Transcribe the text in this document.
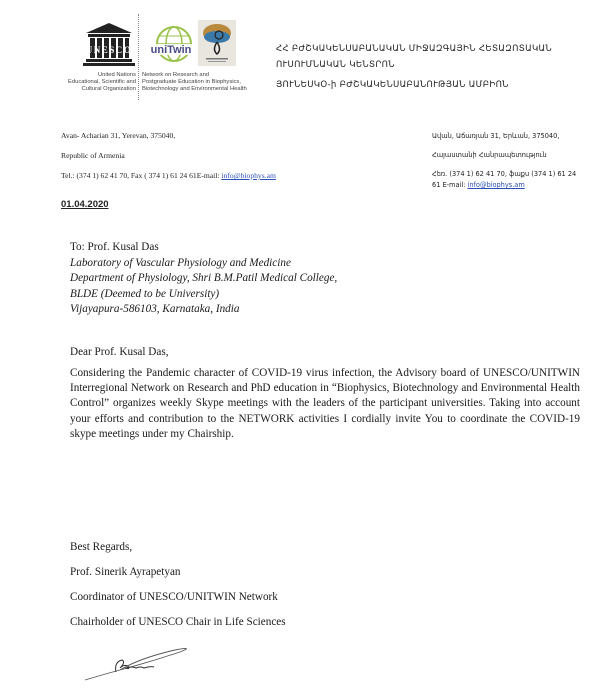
UNESCO
United Nations
Educational, Scientific and
Cultural Organization
uniTwin
Network on Research and
Postgraduate Education in Biophysics,
Biotechnology and Environmental Health
ՀՀ ԲԺՇԿԱԿԵՆՍԱԲԱՆԱԿԱՆ ՄԻՋԱԶԳԱՅԻՆ ՀԵՏԱԶՈՏԱԿԱՆ
ՈՒՍՈՒՄՆԱԿԱՆ ԿԵՆՏՐՈՆ
ՅՈՒՆԵՍԿՕ-ի ԲԺՇԿԱԿԵՆՍԱԲԱՆՈՒԹՅԱՆ ԱՄԲԻՈՆ
Avan- Acharian 31, Yerevan, 375040,
Republic of Armenia
Tel.: (374 1) 62 41 70, Fax ( 374 1) 61 24 61E-mail: info@biophys.am
Ավան, Աճառյան 31, Երևան, 375040,
Հայաստանի Հանրապետություն
Հեռ. (374 1) 62 41 70, ֆաքս (374 1) 61 24
61 E-mail: info@biophys.am
01.04.2020
To: Prof. Kusal Das
Laboratory of Vascular Physiology and Medicine
Department of Physiology, Shri B.M.Patil Medical College,
BLDE (Deemed to be University)
Vijayapura-586103, Karnataka, India
Dear Prof. Kusal Das,
Considering the Pandemic character of COVID-19 virus infection, the Advisory board of UNESCO/UNITWIN Interregional Network on Research and PhD education in “Biophysics, Biotechnology and Environmental Health Control” organizes weekly Skype meetings with the leaders of the participant universities. Taking into account your efforts and contribution to the NETWORK activities I cordially invite You to coordinate the COVID-19 skype meetings under my Chairship.
Best Regards,
Prof. Sinerik Ayrapetyan
Coordinator of UNESCO/UNITWIN Network
Chairholder of UNESCO Chair in Life Sciences
